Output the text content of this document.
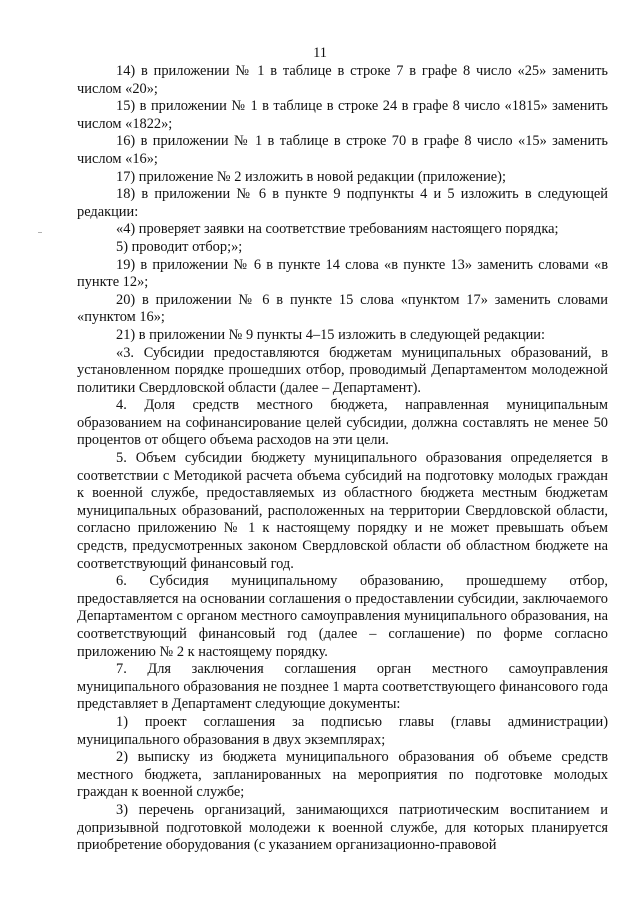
11

14) в приложении № 1 в таблице в строке 7 в графе 8 число «25» заменить числом «20»;

15) в приложении № 1 в таблице в строке 24 в графе 8 число «1815» заменить числом «1822»;

16) в приложении № 1 в таблице в строке 70 в графе 8 число «15» заменить числом «16»;

17) приложение № 2 изложить в новой редакции (приложение);

18) в приложении № 6 в пункте 9 подпункты 4 и 5 изложить в следующей редакции:

«4) проверяет заявки на соответствие требованиям настоящего порядка;

5) проводит отбор;»;

19) в приложении № 6 в пункте 14 слова «в пункте 13» заменить словами «в пункте 12»;

20) в приложении № 6 в пункте 15 слова «пунктом 17» заменить словами «пунктом 16»;

21) в приложении № 9 пункты 4–15 изложить в следующей редакции:

«3. Субсидии предоставляются бюджетам муниципальных образований, в установленном порядке прошедших отбор, проводимый Департаментом молодежной политики Свердловской области (далее – Департамент).

4. Доля средств местного бюджета, направленная муниципальным образованием на софинансирование целей субсидии, должна составлять не менее 50 процентов от общего объема расходов на эти цели.

5. Объем субсидии бюджету муниципального образования определяется в соответствии с Методикой расчета объема субсидий на подготовку молодых граждан к военной службе, предоставляемых из областного бюджета местным бюджетам муниципальных образований, расположенных на территории Свердловской области, согласно приложению № 1 к настоящему порядку и не может превышать объем средств, предусмотренных законом Свердловской области об областном бюджете на соответствующий финансовый год.

6. Субсидия муниципальному образованию, прошедшему отбор, предоставляется на основании соглашения о предоставлении субсидии, заключаемого Департаментом с органом местного самоуправления муниципального образования, на соответствующий финансовый год (далее – соглашение) по форме согласно приложению № 2 к настоящему порядку.

7. Для заключения соглашения орган местного самоуправления муниципального образования не позднее 1 марта соответствующего финансового года представляет в Департамент следующие документы:

1) проект соглашения за подписью главы (главы администрации) муниципального образования в двух экземплярах;

2) выписку из бюджета муниципального образования об объеме средств местного бюджета, запланированных на мероприятия по подготовке молодых граждан к военной службе;

3) перечень организаций, занимающихся патриотическим воспитанием и допризывной подготовкой молодежи к военной службе, для которых планируется приобретение оборудования (с указанием организационно-правовой
